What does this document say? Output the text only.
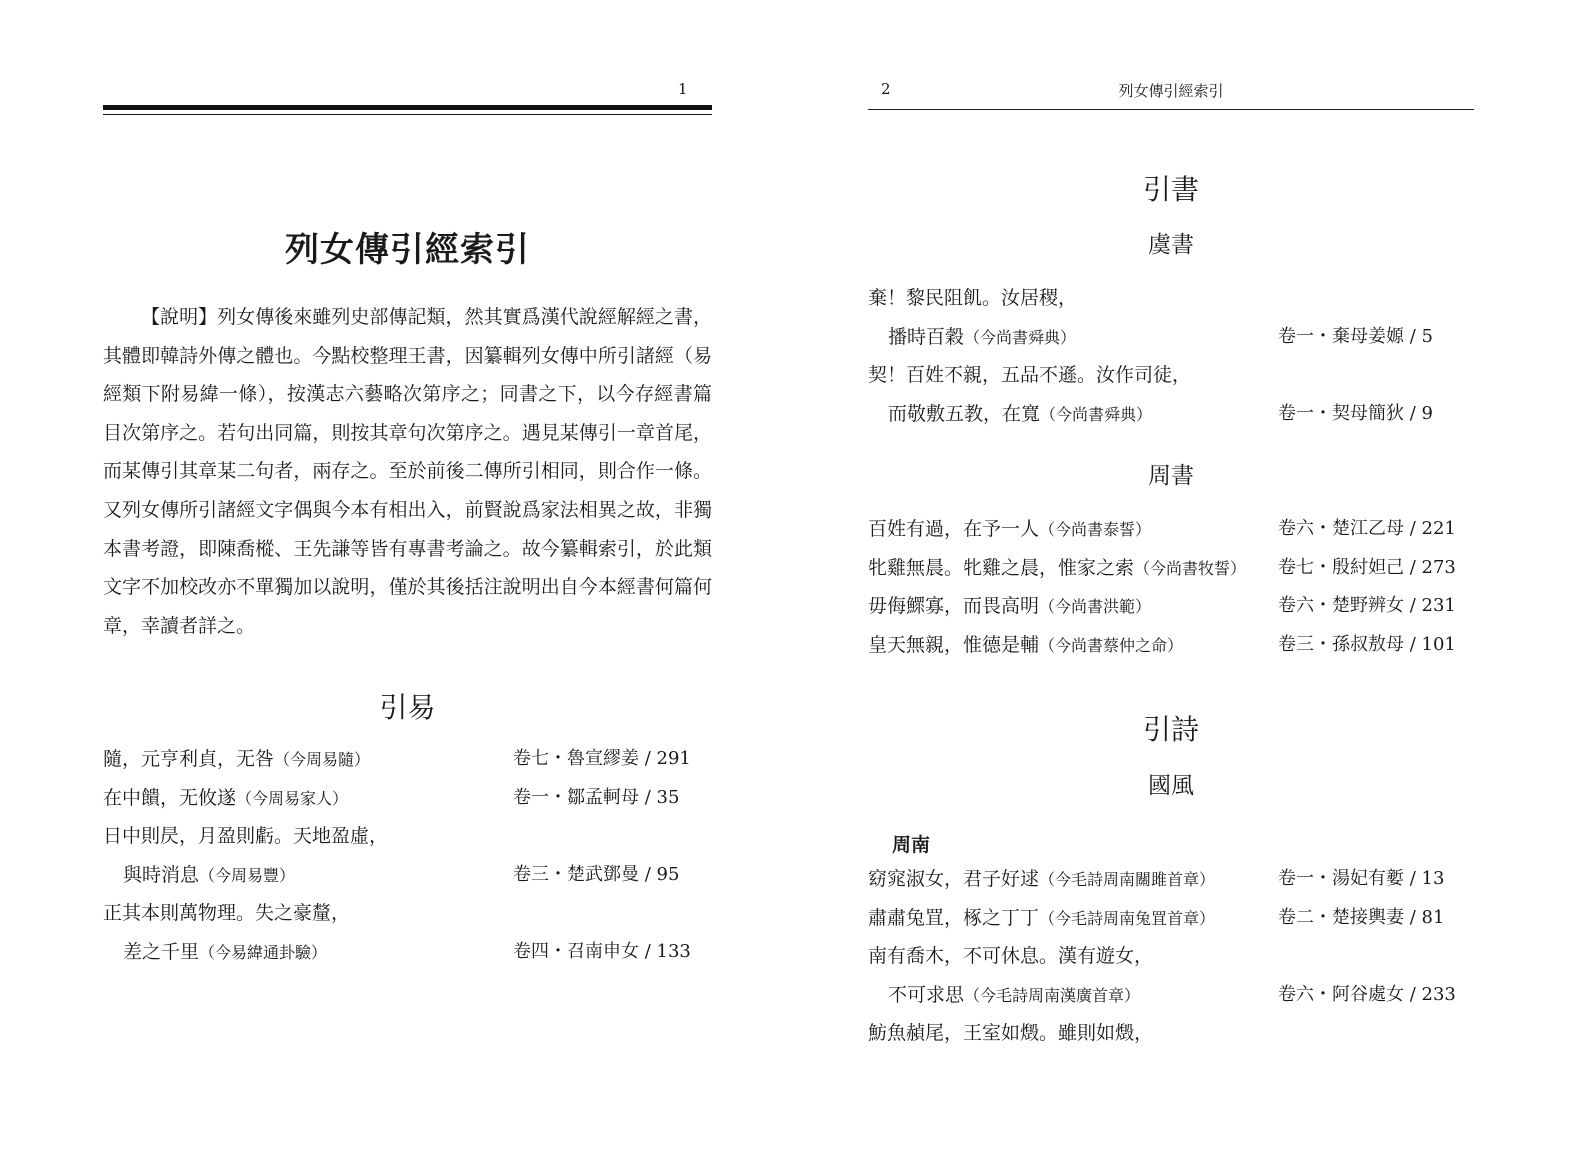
1
列女傳引經索引

【說明】列女傳後來雖列史部傳記類，然其實爲漢代說經解經之書，其體即韓詩外傳之體也。今點校整理王書，因纂輯列女傳中所引諸經（易經類下附易緯一條），按漢志六藝略次第序之；同書之下，以今存經書篇目次第序之。若句出同篇，則按其章句次第序之。遇見某傳引一章首尾，而某傳引其章某二句者，兩存之。至於前後二傳所引相同，則合作一條。又列女傳所引諸經文字偶與今本有相出入，前賢說爲家法相異之故，非獨本書考證，即陳喬樅、王先謙等皆有專書考論之。故今纂輯索引，於此類文字不加校改亦不單獨加以說明，僅於其後括注說明出自今本經書何篇何章，幸讀者詳之。

引易
隨，元亨利貞，无咎（今周易隨）	卷七・魯宣繆姜 / 291
在中饋，无攸遂（今周易家人）	卷一・鄒孟軻母 / 35
日中則昃，月盈則虧。天地盈虛，
與時消息（今周易豐）	卷三・楚武鄧曼 / 95
正其本則萬物理。失之豪釐，
差之千里（今易緯通卦驗）	卷四・召南申女 / 133
2	列女傳引經索引
引書
虞書
棄！黎民阻飢。汝居稷，
播時百穀（今尚書舜典）	卷一・棄母姜嫄 / 5
契！百姓不親，五品不遜。汝作司徒，
而敬敷五教，在寬（今尚書舜典）	卷一・契母簡狄 / 9
周書
百姓有過，在予一人（今尚書泰誓）	卷六・楚江乙母 / 221
牝雞無晨。牝雞之晨，惟家之索（今尚書牧誓） 卷七・殷紂妲己 / 273
毋侮鰥寡，而畏高明（今尚書洪範）	卷六・楚野辨女 / 231
皇天無親，惟德是輔（今尚書蔡仲之命）	卷三・孫叔敖母 / 101
引詩
國風
周南
窈窕淑女，君子好逑（今毛詩周南關雎首章）	卷一・湯妃有㜪 / 13
肅肅兔罝，椓之丁丁（今毛詩周南兔罝首章）	卷二・楚接輿妻 / 81
南有喬木，不可休息。漢有遊女，
不可求思（今毛詩周南漢廣首章）	卷六・阿谷處女 / 233
魴魚赬尾，王室如燬。雖則如燬，
